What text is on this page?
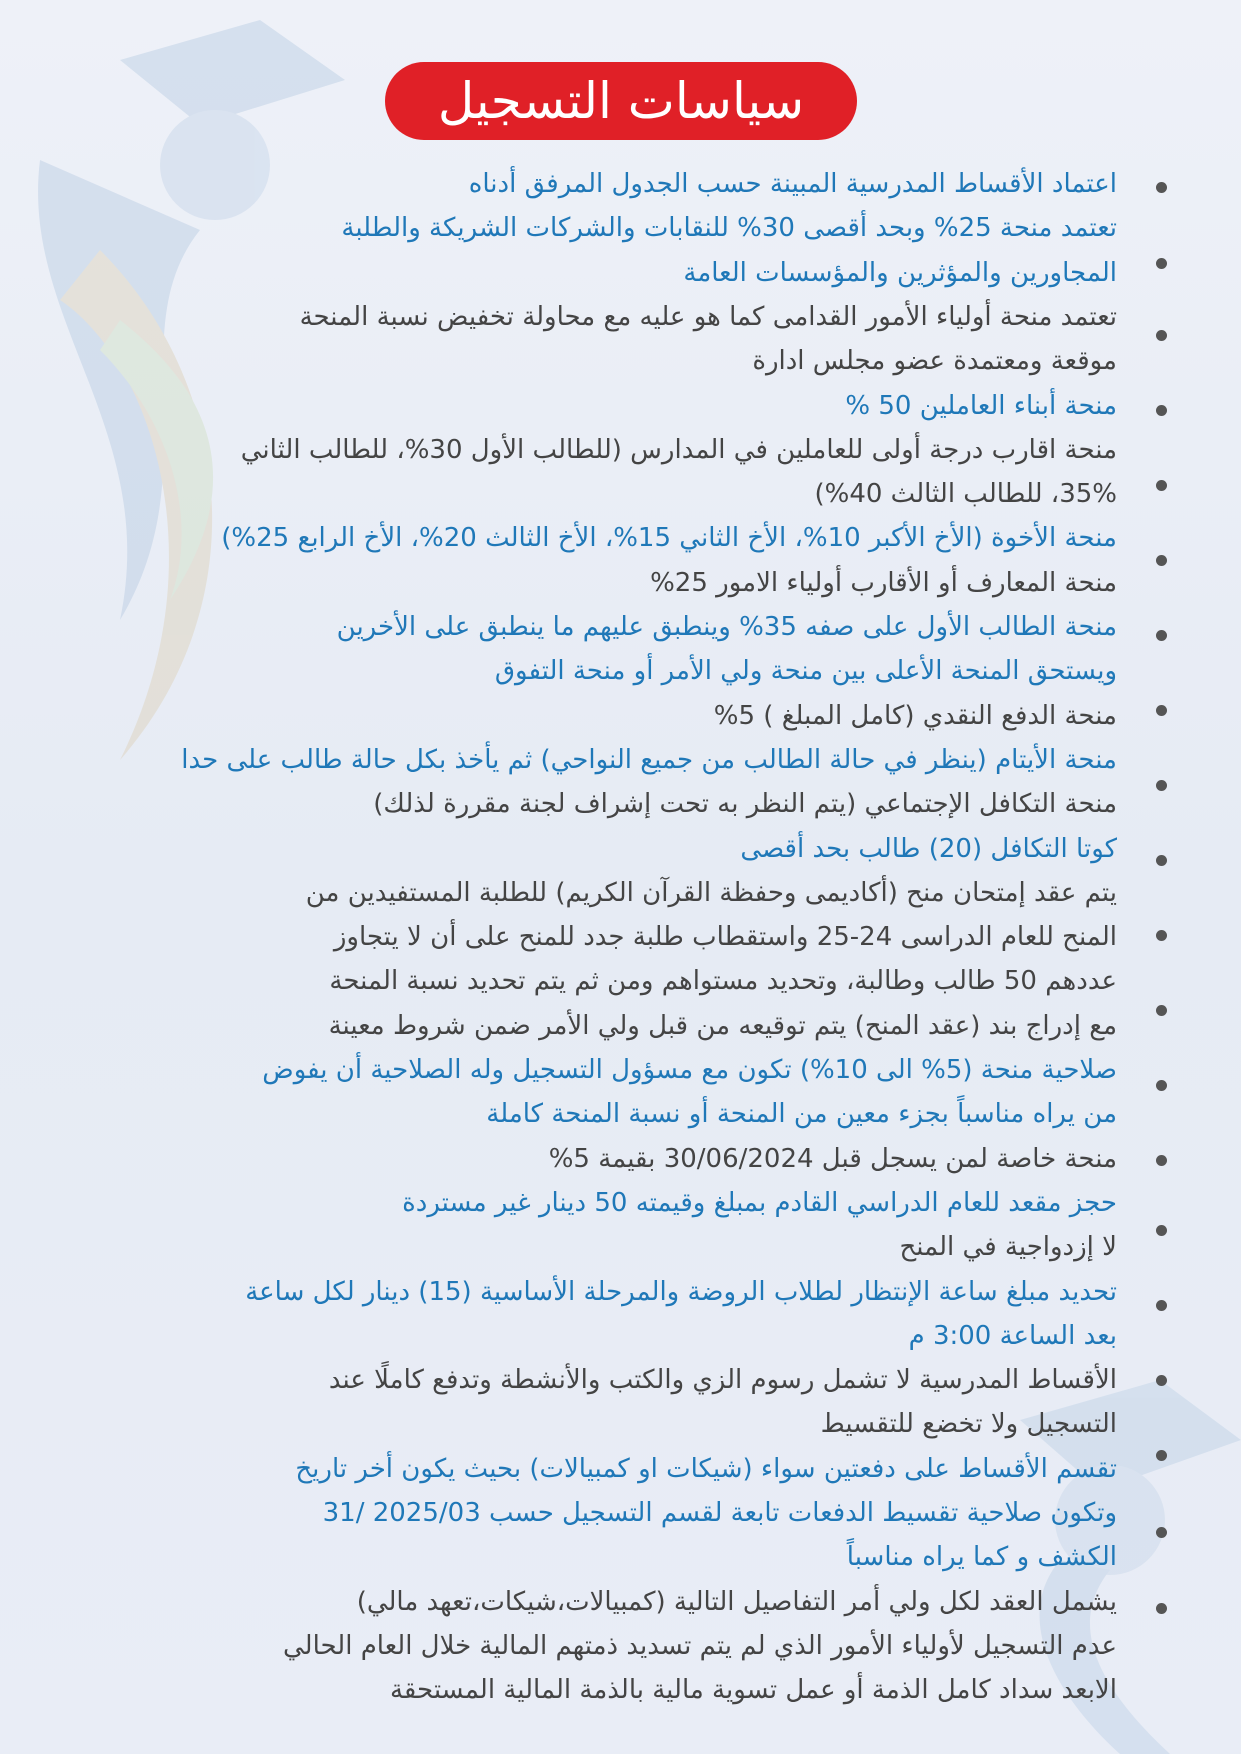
سياسات التسجيل
اعتماد الأقساط المدرسية المبينة حسب الجدول المرفق أدناه
تعتمد منحة 25% وبحد أقصى 30% للنقابات والشركات الشريكة والطلبة
المجاورين والمؤثرين والمؤسسات العامة
تعتمد منحة أولياء الأمور القدامى كما هو عليه مع محاولة تخفيض نسبة المنحة
موقعة ومعتمدة عضو مجلس ادارة
منحة أبناء العاملين 50 %
منحة اقارب درجة أولى للعاملين في المدارس (للطالب الأول 30%، للطالب الثاني
35%، للطالب الثالث 40%)
منحة الأخوة (الأخ الأكبر 10%، الأخ الثاني 15%، الأخ الثالث 20%، الأخ الرابع 25%)
منحة المعارف أو الأقارب أولياء الامور 25%
منحة الطالب الأول على صفه 35% وينطبق عليهم ما ينطبق على الأخرين
ويستحق المنحة الأعلى بين منحة ولي الأمر أو منحة التفوق
منحة الدفع النقدي (كامل المبلغ ) 5%
منحة الأيتام (ينظر في حالة الطالب من جميع النواحي) ثم يأخذ بكل حالة طالب على حدا
منحة التكافل الإجتماعي (يتم النظر به تحت إشراف لجنة مقررة لذلك)
كوتا التكافل (20) طالب بحد أقصى
يتم عقد إمتحان منح (أكاديمى وحفظة القرآن الكريم) للطلبة المستفيدين من
المنح للعام الدراسى 24-25 واستقطاب طلبة جدد للمنح على أن لا يتجاوز
عددهم 50 طالب وطالبة، وتحديد مستواهم ومن ثم يتم تحديد نسبة المنحة
مع إدراج بند (عقد المنح) يتم توقيعه من قبل ولي الأمر ضمن شروط معينة
صلاحية منحة (5% الى 10%) تكون مع مسؤول التسجيل وله الصلاحية أن يفوض
من يراه مناسباً بجزء معين من المنحة أو نسبة المنحة كاملة
منحة خاصة لمن يسجل قبل 30/06/2024 بقيمة 5%
حجز مقعد للعام الدراسي القادم بمبلغ وقيمته 50 دينار غير مستردة
لا إزدواجية في المنح
تحديد مبلغ ساعة الإنتظار لطلاب الروضة والمرحلة الأساسية (15) دينار لكل ساعة
بعد الساعة 3:00 م
الأقساط المدرسية لا تشمل رسوم الزي والكتب والأنشطة وتدفع كاملًا عند
التسجيل ولا تخضع للتقسيط
تقسم الأقساط على دفعتين سواء (شيكات او كمبيالات) بحيث يكون أخر تاريخ
وتكون صلاحية تقسيط الدفعات تابعة لقسم التسجيل حسب 2025/03 /31
الكشف و كما يراه مناسباً
يشمل العقد لكل ولي أمر التفاصيل التالية (كمبيالات،شيكات،تعهد مالي)
عدم التسجيل لأولياء الأمور الذي لم يتم تسديد ذمتهم المالية خلال العام الحالي
الابعد سداد كامل الذمة أو عمل تسوية مالية بالذمة المالية المستحقة
